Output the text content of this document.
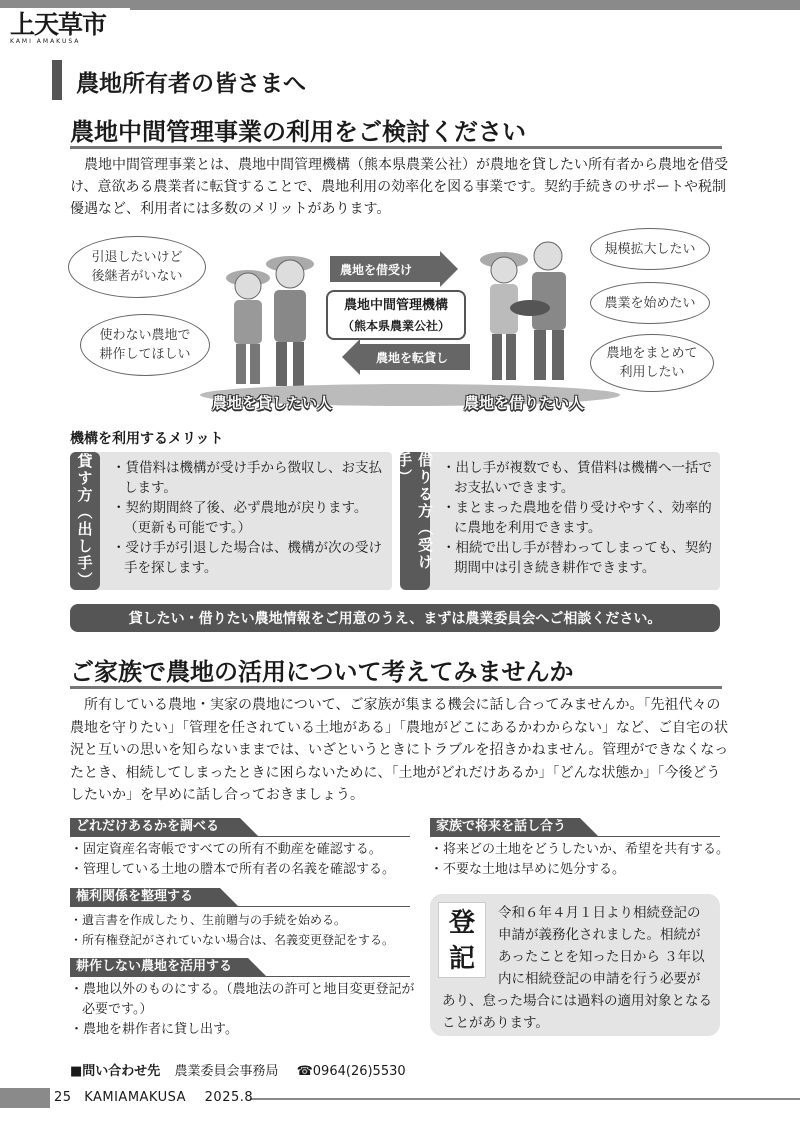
上天草市
KAMI AMAKUSA
農地所有者の皆さまへ
農地中間管理事業の利用をご検討ください
農地中間管理事業とは、農地中間管理機構（熊本県農業公社）が農地を貸したい所有者から農地を借受け、意欲ある農業者に転貸することで、農地利用の効率化を図る事業です。契約手続きのサポートや税制優遇など、利用者には多数のメリットがあります。
引退したいけど
後継者がいない
使わない農地で
耕作してほしい
農地を借受け
農地中間管理機構
（熊本県農業公社）
農地を転貸し
規模拡大したい
農業を始めたい
農地をまとめて
利用したい
農地を貸したい人	農地を借りたい人
機構を利用するメリット
貸す方（出し手）	・ 賃借料は機構が受け手から徴収し、お支払します。
・ 契約期間終了後、必ず農地が戻ります。（更新も可能です。）
・ 受け手が引退した場合は、機構が次の受け手を探します。	借りる方（受け手）	・ 出し手が複数でも、賃借料は機構へ一括でお支払いできます。
・ まとまった農地を借り受けやすく、効率的に農地を利用できます。
・ 相続で出し手が替わってしまっても、契約期間中は引き続き耕作できます。
貸したい・借りたい農地情報をご用意のうえ、まずは農業委員会へご相談ください。
ご家族で農地の活用について考えてみませんか
所有している農地・実家の農地について、ご家族が集まる機会に話し合ってみませんか。「先祖代々の農地を守りたい」「管理を任されている土地がある」「農地がどこにあるかわからない」など、ご自宅の状況と互いの思いを知らないままでは、いざというときにトラブルを招きかねません。管理ができなくなったとき、相続してしまったときに困らないために、「土地がどれだけあるか」「どんな状態か」「今後どうしたいか」を早めに話し合っておきましょう。
どれだけあるかを調べる
・ 固定資産名寄帳ですべての所有不動産を確認する。
・ 管理している土地の謄本で所有者の名義を確認する。
権利関係を整理する
・ 遺言書を作成したり、生前贈与の手続を始める。
・ 所有権登記がされていない場合は、名義変更登記をする。
耕作しない農地を活用する
・ 農地以外のものにする。（農地法の許可と地目変更登記が必要です。）
・ 農地を耕作者に貸し出す。
家族で将来を話し合う
・ 将来どの土地をどうしたいか、希望を共有する。
・ 不要な土地は早めに処分する。
登
記
令和６年４月１日より相続登記の申請が義務化されました。相続があったことを知った日から ３年以内に相続登記の申請を行う必要があり、怠った場合には過料の適用対象となることがあります。
■問い合わせ先 農業委員会事務局 ☎0964(26)5530
25 KAMIAMAKUSA 2025.8
